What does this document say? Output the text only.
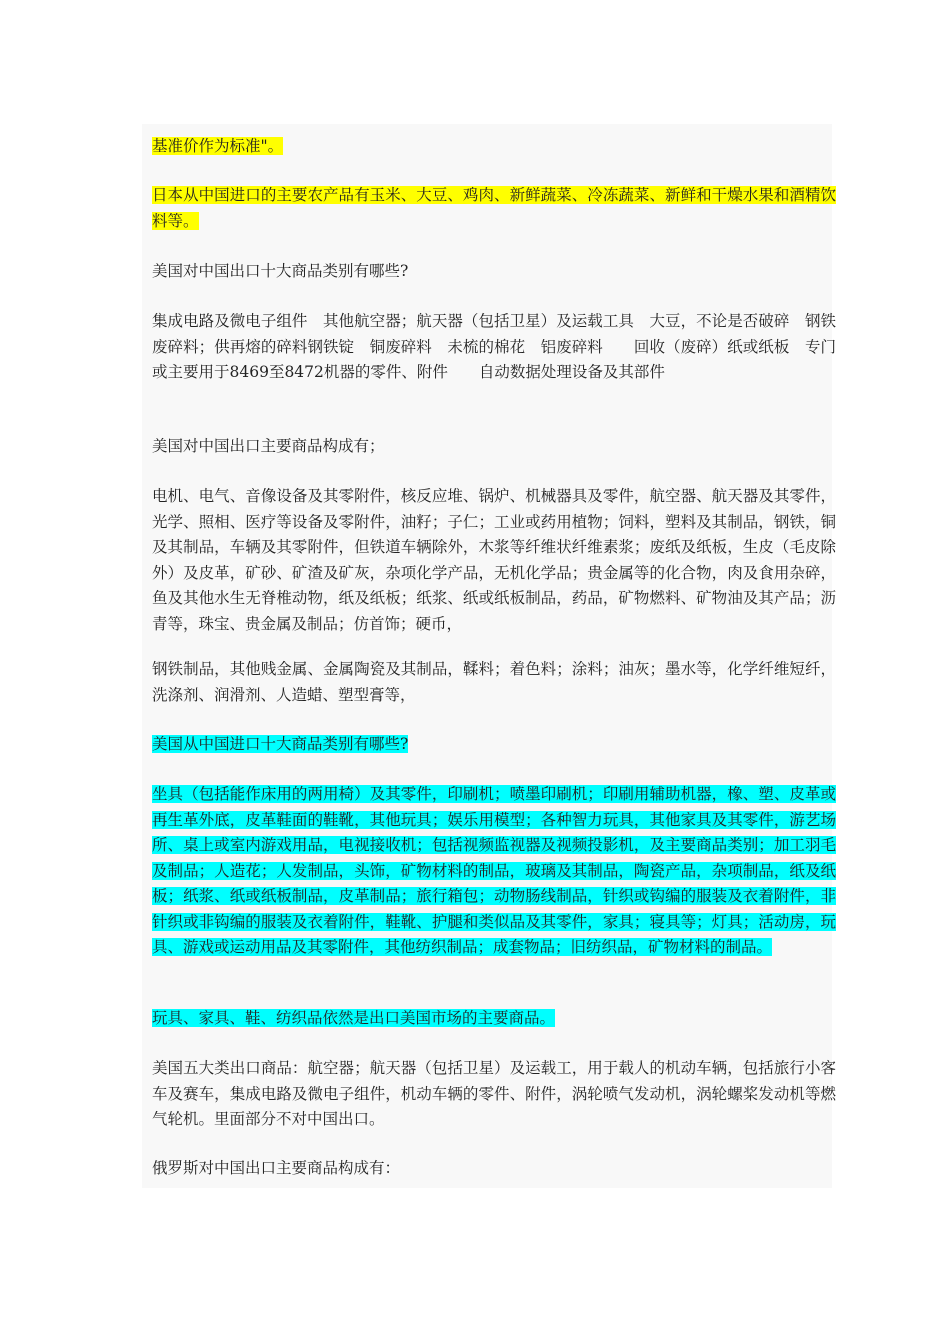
基准价作为标准"。

日本从中国进口的主要农产品有玉米、大豆、鸡肉、新鲜蔬菜、冷冻蔬菜、新鲜和干燥水果和酒精饮料等。

美国对中国出口十大商品类别有哪些?

集成电路及微电子组件　其他航空器；航天器（包括卫星）及运载工具　大豆，不论是否破碎　钢铁废碎料；供再熔的碎料钢铁锭　铜废碎料　未梳的棉花　铝废碎料　　回收（废碎）纸或纸板　专门或主要用于8469至8472机器的零件、附件　　自动数据处理设备及其部件

美国对中国出口主要商品构成有；

电机、电气、音像设备及其零附件，核反应堆、锅炉、机械器具及零件，航空器、航天器及其零件，光学、照相、医疗等设备及零附件，油籽；子仁；工业或药用植物；饲料，塑料及其制品，钢铁，铜及其制品，车辆及其零附件，但铁道车辆除外，木浆等纤维状纤维素浆；废纸及纸板，生皮（毛皮除外）及皮革，矿砂、矿渣及矿灰，杂项化学产品，无机化学品；贵金属等的化合物，肉及食用杂碎，鱼及其他水生无脊椎动物，纸及纸板；纸浆、纸或纸板制品，药品，矿物燃料、矿物油及其产品；沥青等，珠宝、贵金属及制品；仿首饰；硬币，

钢铁制品，其他贱金属、金属陶瓷及其制品，鞣料；着色料；涂料；油灰；墨水等，化学纤维短纤，洗涤剂、润滑剂、人造蜡、塑型膏等，

美国从中国进口十大商品类别有哪些?

坐具（包括能作床用的两用椅）及其零件，印刷机；喷墨印刷机；印刷用辅助机器，橡、塑、皮革或再生革外底，皮革鞋面的鞋靴，其他玩具；娱乐用模型；各种智力玩具，其他家具及其零件，游艺场所、桌上或室内游戏用品，电视接收机；包括视频监视器及视频投影机，及主要商品类别；加工羽毛及制品；人造花；人发制品，头饰，矿物材料的制品，玻璃及其制品，陶瓷产品，杂项制品，纸及纸板；纸浆、纸或纸板制品，皮革制品；旅行箱包；动物肠线制品，针织或钩编的服装及衣着附件，非针织或非钩编的服装及衣着附件，鞋靴、护腿和类似品及其零件，家具；寝具等；灯具；活动房，玩具、游戏或运动用品及其零附件，其他纺织制品；成套物品；旧纺织品，矿物材料的制品。

玩具、家具、鞋、纺织品依然是出口美国市场的主要商品。

美国五大类出口商品：航空器；航天器（包括卫星）及运载工，用于载人的机动车辆，包括旅行小客车及赛车，集成电路及微电子组件，机动车辆的零件、附件，涡轮喷气发动机，涡轮螺桨发动机等燃气轮机。里面部分不对中国出口。

俄罗斯对中国出口主要商品构成有：
